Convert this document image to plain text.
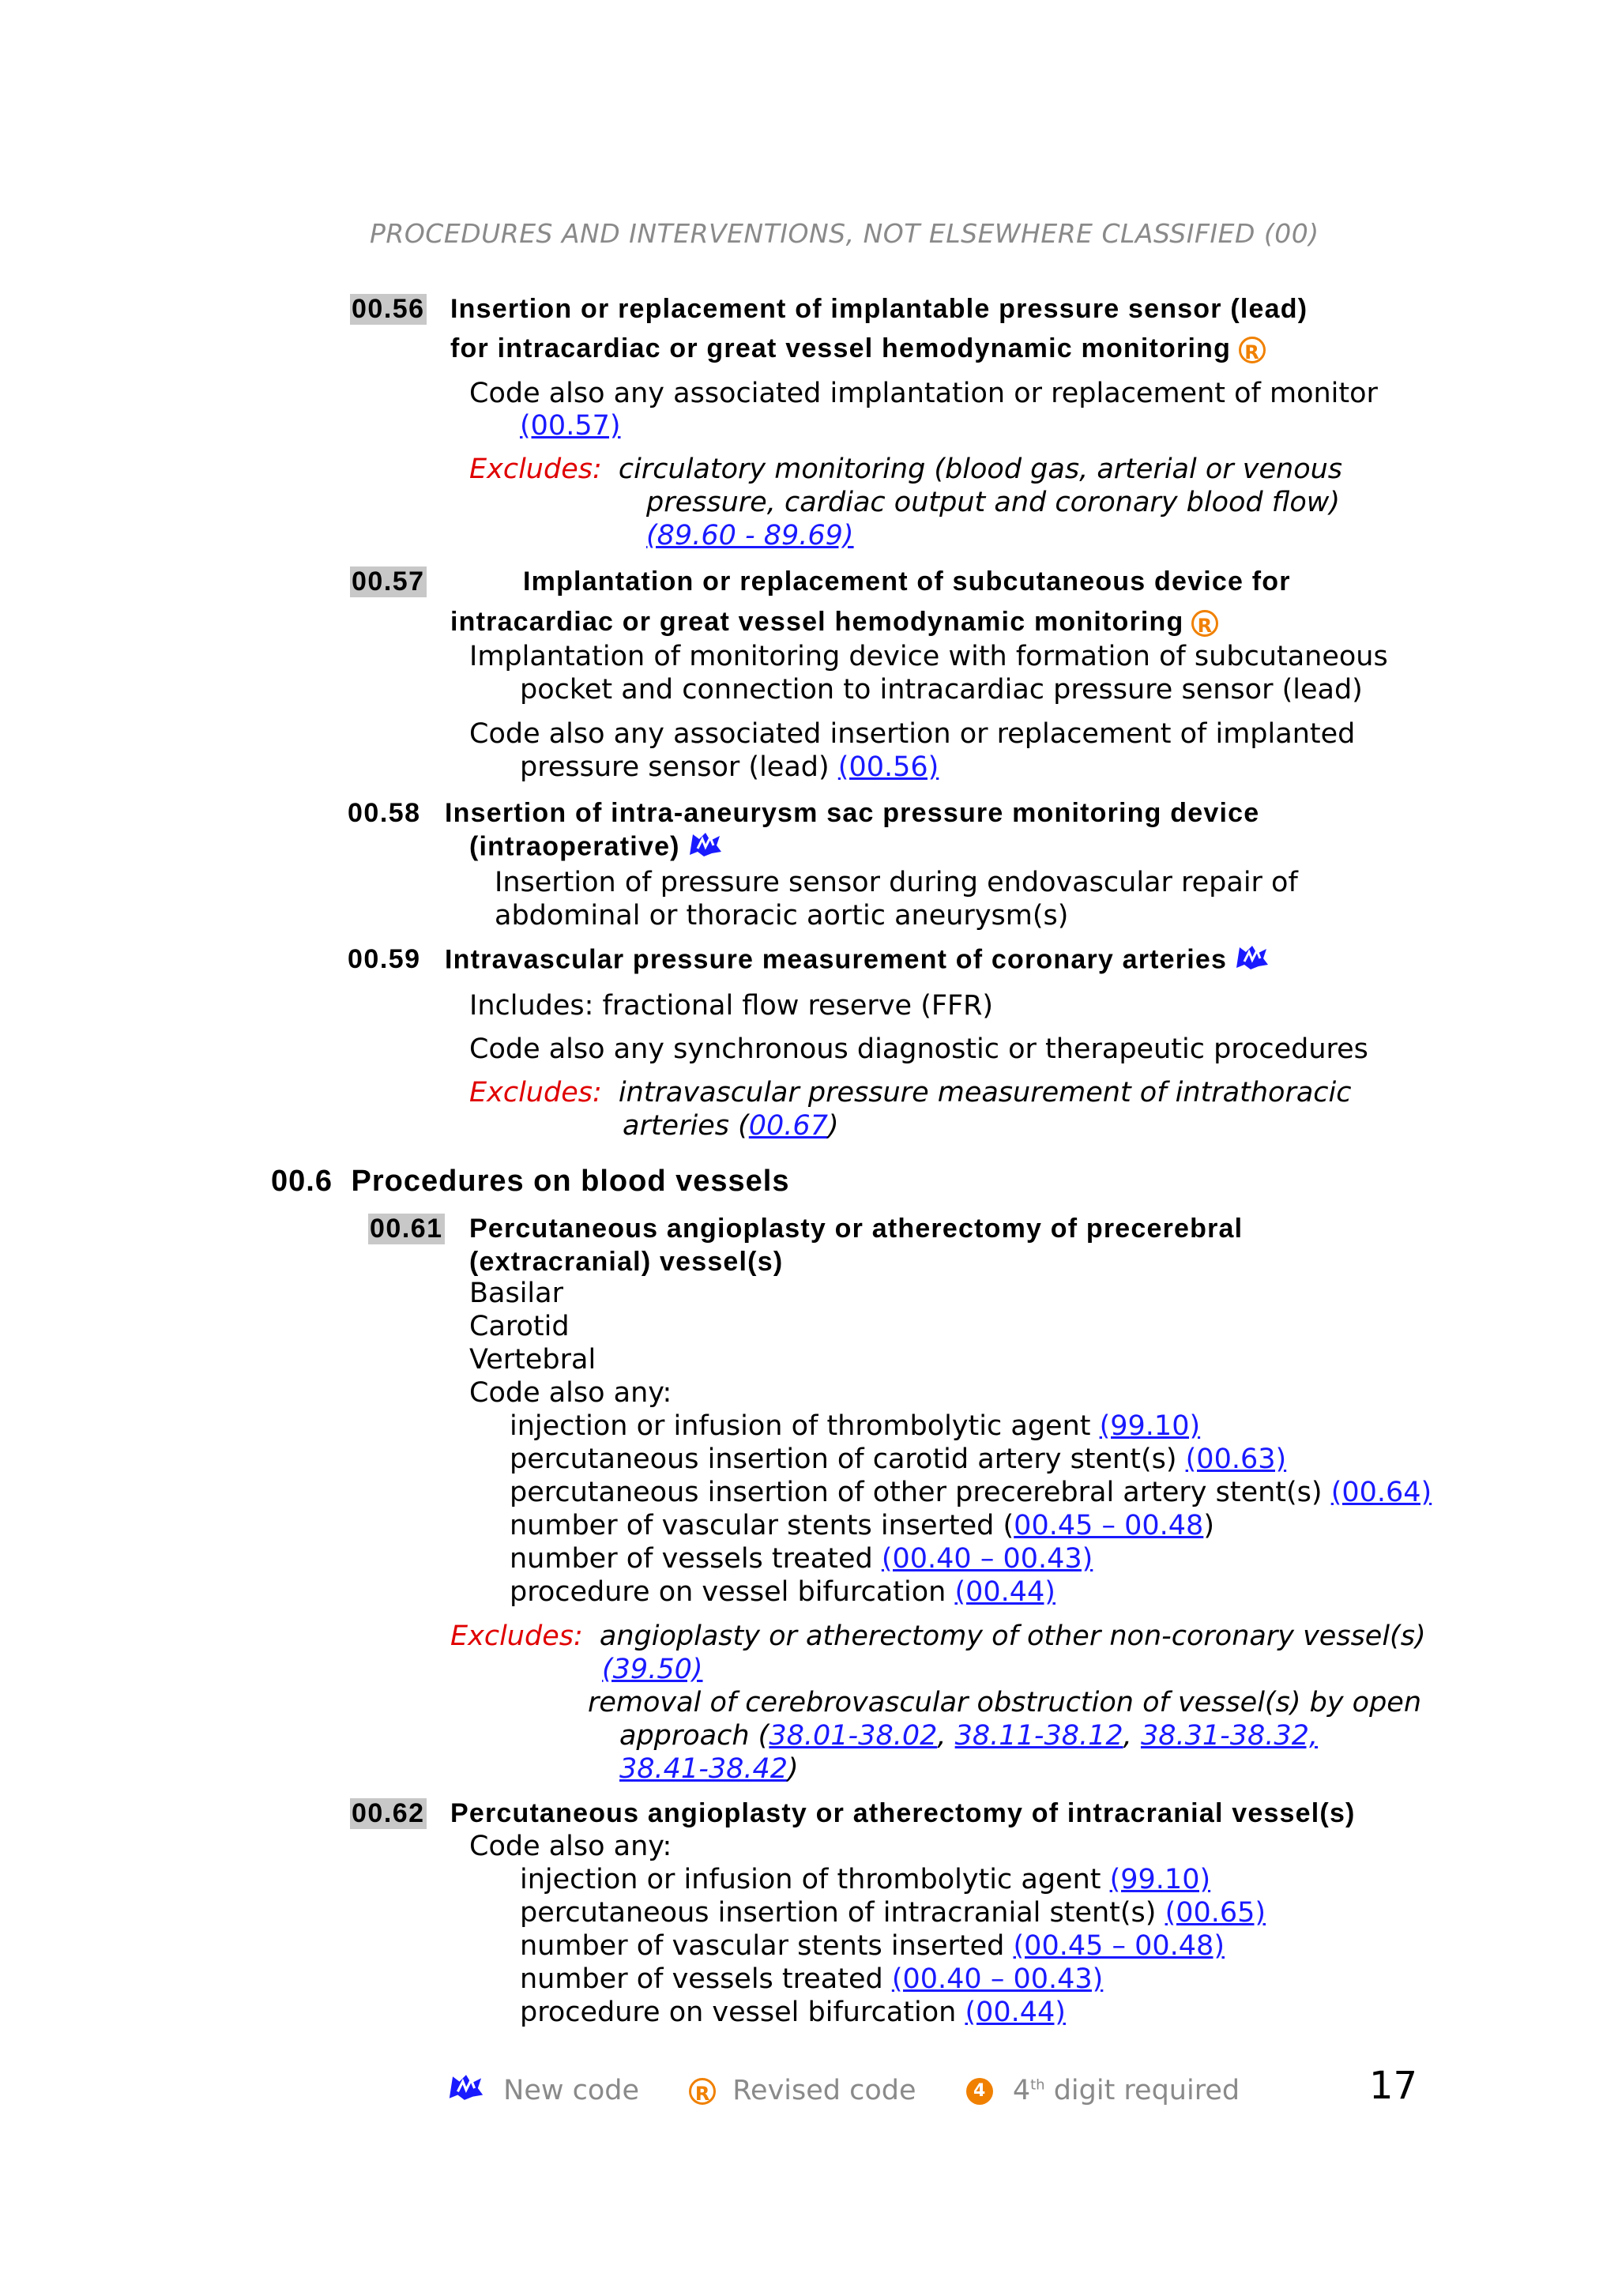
PROCEDURES AND INTERVENTIONS, NOT ELSEWHERE CLASSIFIED (00)
00.56 Insertion or replacement of implantable pressure sensor (lead)
for intracardiac or great vessel hemodynamic monitoring R
Code also any associated implantation or replacement of monitor
(00.57)
Excludes: circulatory monitoring (blood gas, arterial or venous
pressure, cardiac output and coronary blood flow)
(89.60 - 89.69)
00.57	Implantation or replacement of subcutaneous device for
intracardiac or great vessel hemodynamic monitoring R
Implantation of monitoring device with formation of subcutaneous
pocket and connection to intracardiac pressure sensor (lead)
Code also any associated insertion or replacement of implanted
pressure sensor (lead) (00.56)
00.58 Insertion of intra-aneurysm sac pressure monitoring device
(intraoperative)
Insertion of pressure sensor during endovascular repair of
abdominal or thoracic aortic aneurysm(s)
00.59 Intravascular pressure measurement of coronary arteries
Includes: fractional flow reserve (FFR)
Code also any synchronous diagnostic or therapeutic procedures
Excludes: intravascular pressure measurement of intrathoracic
arteries (00.67)
00.6 Procedures on blood vessels
00.61 Percutaneous angioplasty or atherectomy of precerebral
(extracranial) vessel(s)
Basilar
Carotid
Vertebral
Code also any:
injection or infusion of thrombolytic agent (99.10)
percutaneous insertion of carotid artery stent(s) (00.63)
percutaneous insertion of other precerebral artery stent(s) (00.64)
number of vascular stents inserted (00.45 – 00.48)
number of vessels treated (00.40 – 00.43)
procedure on vessel bifurcation (00.44)
Excludes: angioplasty or atherectomy of other non-coronary vessel(s)
(39.50)
removal of cerebrovascular obstruction of vessel(s) by open
approach (38.01-38.02, 38.11-38.12, 38.31-38.32,
38.41-38.42)
00.62 Percutaneous angioplasty or atherectomy of intracranial vessel(s)
Code also any:
injection or infusion of thrombolytic agent (99.10)
percutaneous insertion of intracranial stent(s) (00.65)
number of vascular stents inserted (00.45 – 00.48)
number of vessels treated (00.40 – 00.43)
procedure on vessel bifurcation (00.44)
New code	R Revised code	4 4th digit required	17
